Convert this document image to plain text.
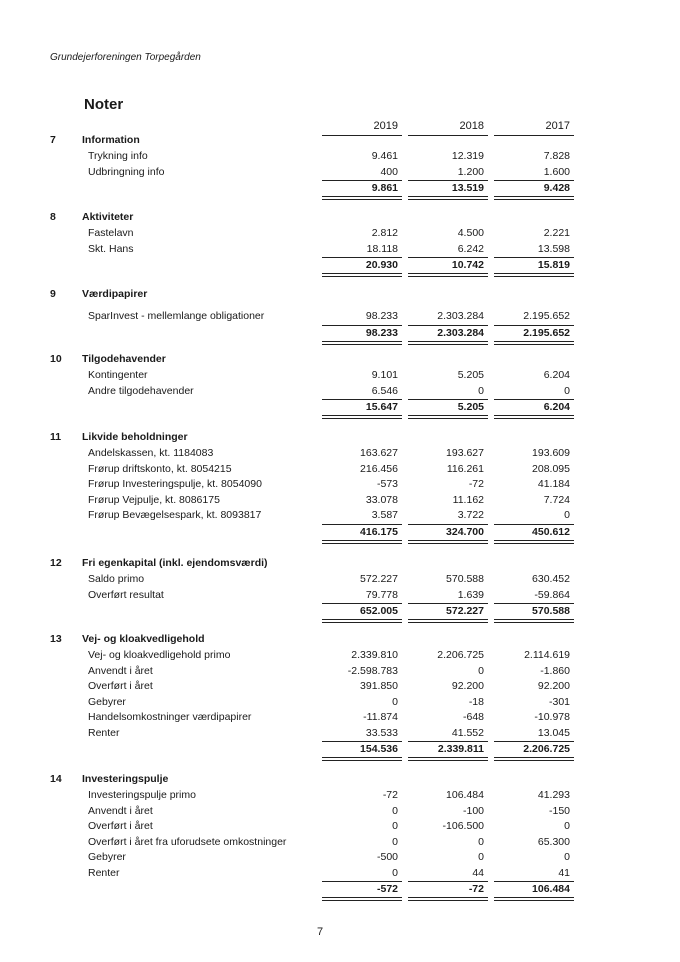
Grundejerforeningen Torpegården
Noter
2019	2018	2017
7	Information
Trykning info	9.461	12.319	7.828
Udbringning info	400	1.200	1.600
9.861	13.519	9.428
8	Aktiviteter
Fastelavn	2.812	4.500	2.221
Skt. Hans	18.118	6.242	13.598
20.930	10.742	15.819
9	Værdipapirer
SparInvest - mellemlange obligationer	98.233	2.303.284	2.195.652
98.233	2.303.284	2.195.652
10	Tilgodehavender
Kontingenter	9.101	5.205	6.204
Andre tilgodehavender	6.546	0	0
15.647	5.205	6.204
11	Likvide beholdninger
Andelskassen, kt. 1184083	163.627	193.627	193.609
Frørup driftskonto, kt. 8054215	216.456	116.261	208.095
Frørup Investeringspulje, kt. 8054090	-573	-72	41.184
Frørup Vejpulje, kt. 8086175	33.078	11.162	7.724
Frørup Bevægelsespark, kt. 8093817	3.587	3.722	0
416.175	324.700	450.612
12	Fri egenkapital (inkl. ejendomsværdi)
Saldo primo	572.227	570.588	630.452
Overført resultat	79.778	1.639	-59.864
652.005	572.227	570.588
13	Vej- og kloakvedligehold
Vej- og kloakvedligehold primo	2.339.810	2.206.725	2.114.619
Anvendt i året	-2.598.783	0	-1.860
Overført i året	391.850	92.200	92.200
Gebyrer	0	-18	-301
Handelsomkostninger værdipapirer	-11.874	-648	-10.978
Renter	33.533	41.552	13.045
154.536	2.339.811	2.206.725
14	Investeringspulje
Investeringspulje primo	-72	106.484	41.293
Anvendt i året	0	-100	-150
Overført i året	0	-106.500	0
Overført i året fra uforudsete omkostninger	0	0	65.300
Gebyrer	-500	0	0
Renter	0	44	41
-572	-72	106.484
7
